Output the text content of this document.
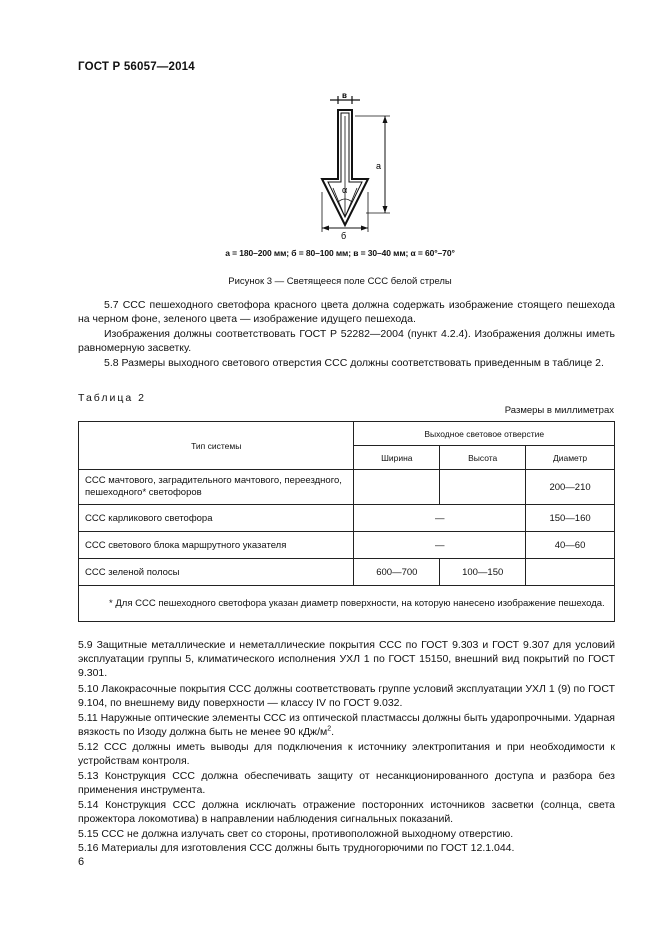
ГОСТ Р 56057—2014
в
а
α
б
а = 180–200 мм; б = 80–100 мм; в = 30–40 мм; α = 60°–70°
Рисунок 3 — Светящееся поле ССС белой стрелы
5.7 ССС пешеходного светофора красного цвета должна содержать изображение стоящего пешехода на черном фоне, зеленого цвета — изображение идущего пешехода.
Изображения должны соответствовать ГОСТ Р 52282—2004 (пункт 4.2.4). Изображения должны иметь равномерную засветку.
5.8 Размеры выходного светового отверстия ССС должны соответствовать приведенным в таблице 2.
Таблица 2
Размеры в миллиметрах
Тип системы	Выходное световое отверстие		
	Ширина	Высота	Диаметр
ССС мачтового, заградительного мачтового, переездного, пешеходного* светофоров			200—210
ССС карликового светофора	—		150—160
ССС светового блока маршрутного указателя	—		40—60
ССС зеленой полосы	600—700	100—150	
* Для ССС пешеходного светофора указан диаметр поверхности, на которую нанесено изображение пешехода.			
5.9 Защитные металлические и неметаллические покрытия ССС по ГОСТ 9.303 и ГОСТ 9.307 для условий эксплуатации группы 5, климатического исполнения УХЛ 1 по ГОСТ 15150, внешний вид покрытий по ГОСТ 9.301.
5.10 Лакокрасочные покрытия ССС должны соответствовать группе условий эксплуатации УХЛ 1 (9) по ГОСТ 9.104, по внешнему виду поверхности — классу IV по ГОСТ 9.032.
5.11 Наружные оптические элементы ССС из оптической пластмассы должны быть ударопрочными. Ударная вязкость по Изоду должна быть не менее 90 кДж/$м^2$.
5.12 ССС должны иметь выводы для подключения к источнику электропитания и при необходимости к устройствам контроля.
5.13 Конструкция ССС должна обеспечивать защиту от несанкционированного доступа и разбора без применения инструмента.
5.14 Конструкция ССС должна исключать отражение посторонних источников засветки (солнца, света прожектора локомотива) в направлении наблюдения сигнальных показаний.
5.15 ССС не должна излучать свет со стороны, противоположной выходному отверстию.
5.16 Материалы для изготовления ССС должны быть трудногорючими по ГОСТ 12.1.044.
6
